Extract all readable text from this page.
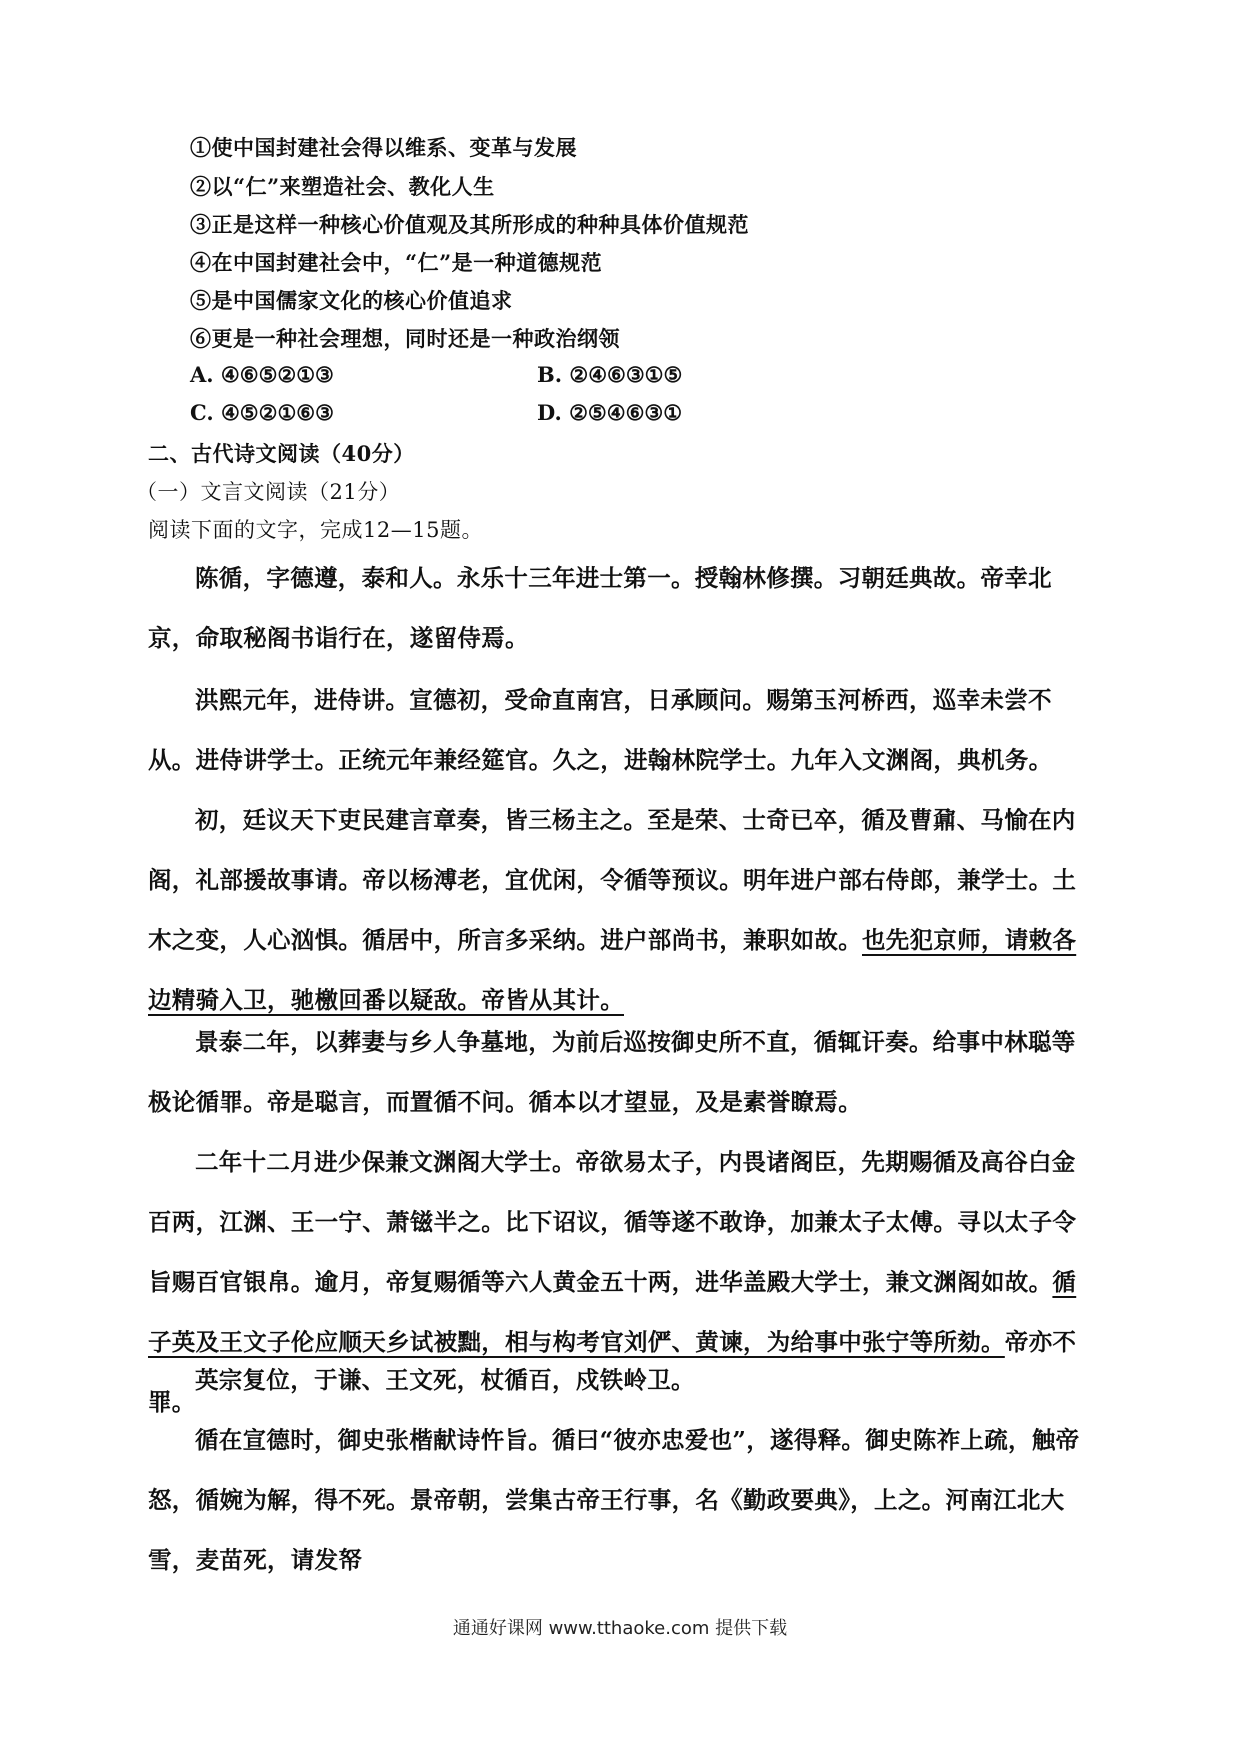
①使中国封建社会得以维系、变革与发展
②以“仁”来塑造社会、教化人生
③正是这样一种核心价值观及其所形成的种种具体价值规范
④在中国封建社会中，“仁”是一种道德规范
⑤是中国儒家文化的核心价值追求
⑥更是一种社会理想，同时还是一种政治纲领
A. ④⑥⑤②①③	B. ②④⑥③①⑤
C. ④⑤②①⑥③	D. ②⑤④⑥③①
二、古代诗文阅读（40分）
（一）文言文阅读（21分）
阅读下面的文字，完成12—15题。
陈循，字德遵，泰和人。永乐十三年进士第一。授翰林修撰。习朝廷典故。帝幸北京，命取秘阁书诣行在，遂留侍焉。
洪熙元年，进侍讲。宣德初，受命直南宫，日承顾问。赐第玉河桥西，巡幸未尝不从。进侍讲学士。正统元年兼经筵官。久之，进翰林院学士。九年入文渊阁，典机务。
初，廷议天下吏民建言章奏，皆三杨主之。至是荣、士奇已卒，循及曹鼐、马愉在内阁，礼部援故事请。帝以杨溥老，宜优闲，令循等预议。明年进户部右侍郎，兼学士。土木之变，人心汹惧。循居中，所言多采纳。进户部尚书，兼职如故。也先犯京师，请敕各边精骑入卫，驰檄回番以疑敌。帝皆从其计。
景泰二年，以葬妻与乡人争墓地，为前后巡按御史所不直，循辄讦奏。给事中林聪等极论循罪。帝是聪言，而置循不问。循本以才望显，及是素誉瞭焉。
二年十二月进少保兼文渊阁大学士。帝欲易太子，内畏诸阁臣，先期赐循及高谷白金百两，江渊、王一宁、萧镃半之。比下诏议，循等遂不敢诤，加兼太子太傅。寻以太子令旨赐百官银帛。逾月，帝复赐循等六人黄金五十两，进华盖殿大学士，兼文渊阁如故。循子英及王文子伦应顺天乡试被黜，相与构考官刘俨、黄谏，为给事中张宁等所劾。帝亦不罪。
英宗复位，于谦、王文死，杖循百，戍铁岭卫。
循在宣德时，御史张楷献诗忤旨。循曰“彼亦忠爱也”，遂得释。御史陈祚上疏，触帝怒，循婉为解，得不死。景帝朝，尝集古帝王行事，名《勤政要典》，上之。河南江北大雪，麦苗死，请发帑
通通好课网 www.tthaoke.com 提供下载
